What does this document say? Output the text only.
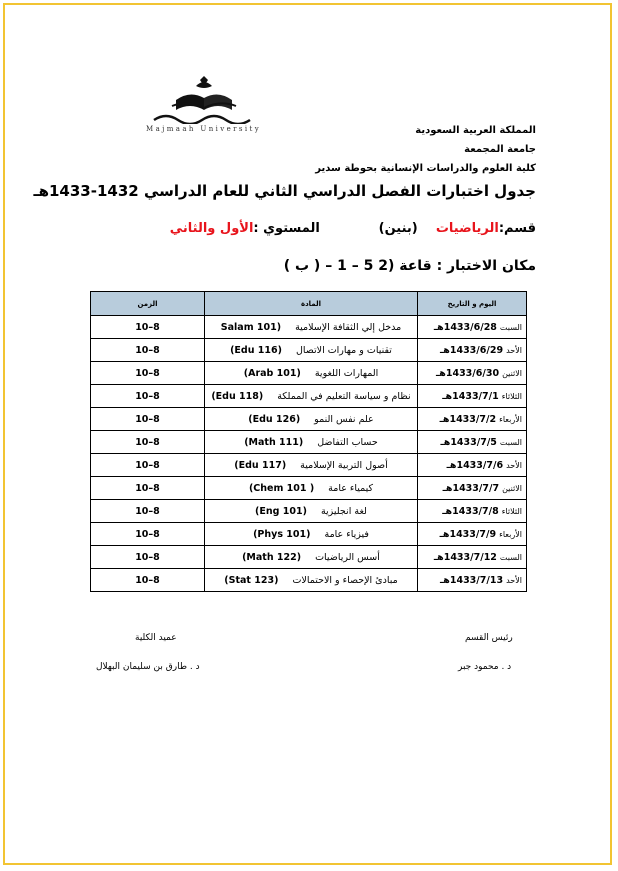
Majmaah University	المملكة العربية السعودية
جامعة المجمعة
كلية العلوم والدراسات الإنسانية بحوطة سدير
جدول اختبارات الفصل الدراسي الثاني للعام الدراسي 1432-1433هـ
قسم:الرياضيات    (بنين)             المستوي :الأول والثاني
مكان الاختبار : قاعة (2 5 – 1 – ( ب )
اليوم و التاريخ	المادة	الزمن
السبت1433/6/28هـ	مدخل إلي الثقافة الإسلامية(Salam 101	8–10
الأحد1433/6/29هـ	تقنيات و مهارات الاتصال(Edu 116)	8–10
الاثنين1433/6/30هـ	المهارات اللغوية(Arab 101)	8–10
الثلاثاء1433/7/1هـ	نظام و سياسة التعليم في المملكة(Edu 118)	8–10
الأربعاء1433/7/2هـ	علم نفس النمو(Edu 126)	8–10
السبت1433/7/5هـ	حساب التفاضل(Math 111)	8–10
الأحد1433/7/6هـ	أصول التربية الإسلامية(Edu 117)	8–10
الاثنين1433/7/7هـ	كيمياء عامة( Chem 101)	8–10
الثلاثاء1433/7/8هـ	لغة انجليزية(Eng 101)	8–10
الأربعاء1433/7/9هـ	فيزياء عامة(Phys 101)	8–10
السبت1433/7/12هـ	أسس الرياضيات(Math 122)	8–10
الأحد1433/7/13هـ	مبادئ الإحصاء و الاحتمالات(Stat 123)	8–10
رئيس القسم
د . محمود جبر
عميد الكلية
د . طارق بن سليمان البهلال
